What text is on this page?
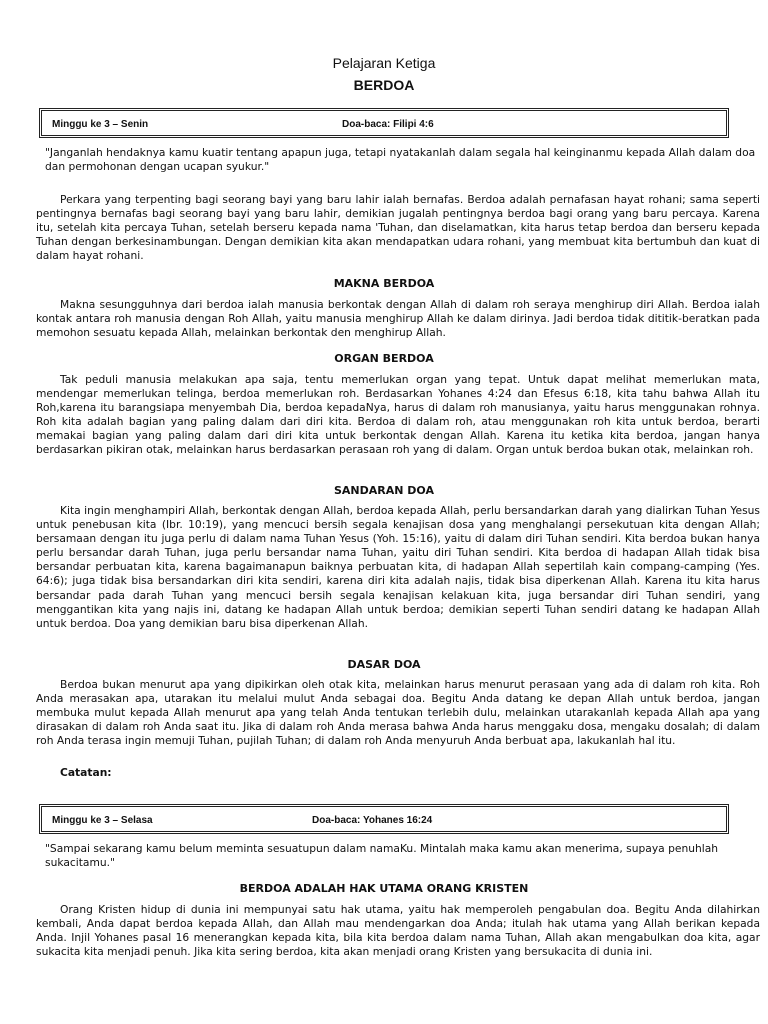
Pelajaran Ketiga
BERDOA
Minggu ke 3 – Senin	Doa-baca: Filipi 4:6

"Janganlah hendaknya kamu kuatir tentang apapun juga, tetapi nyatakanlah dalam segala hal keinginanmu kepada Allah dalam doa dan permohonan dengan ucapan syukur."

Perkara yang terpenting bagi seorang bayi yang baru lahir ialah bernafas. Berdoa adalah pernafasan hayat rohani; sama seperti pentingnya bernafas bagi seorang bayi yang baru lahir, demikian jugalah pentingnya berdoa bagi orang yang baru percaya. Karena itu, setelah kita percaya Tuhan, setelah berseru kepada nama 'Tuhan, dan diselamatkan, kita harus tetap berdoa dan berseru kepada Tuhan dengan berkesinambungan. Dengan demikian kita akan mendapatkan udara rohani, yang membuat kita bertumbuh dan kuat di dalam hayat rohani.

MAKNA BERDOA

Makna sesungguhnya dari berdoa ialah manusia berkontak dengan Allah di dalam roh seraya menghirup diri Allah. Berdoa ialah kontak antara roh manusia dengan Roh Allah, yaitu manusia menghirup Allah ke dalam dirinya. Jadi berdoa tidak dititik-beratkan pada memohon sesuatu kepada Allah, melainkan berkontak den menghirup Allah.

ORGAN BERDOA

Tak peduli manusia melakukan apa saja, tentu memerlukan organ yang tepat. Untuk dapat melihat memerlukan mata, mendengar memerlukan telinga, berdoa memerlukan roh. Berdasarkan Yohanes 4:24 dan Efesus 6:18, kita tahu bahwa Allah itu Roh,karena itu barangsiapa menyembah Dia, berdoa kepadaNya, harus di dalam roh manusianya, yaitu harus menggunakan rohnya. Roh kita adalah bagian yang paling dalam dari diri kita. Berdoa di dalam roh, atau menggunakan roh kita untuk berdoa, berarti memakai bagian yang paling dalam dari diri kita untuk berkontak dengan Allah. Karena itu ketika kita berdoa, jangan hanya berdasarkan pikiran otak, melainkan harus berdasarkan perasaan roh yang di dalam. Organ untuk berdoa bukan otak, melainkan roh.

SANDARAN DOA

Kita ingin menghampiri Allah, berkontak dengan Allah, berdoa kepada Allah, perlu bersandarkan darah yang dialirkan Tuhan Yesus untuk penebusan kita (Ibr. 10:19), yang mencuci bersih segala kenajisan dosa yang menghalangi persekutuan kita dengan Allah; bersamaan dengan itu juga perlu di dalam nama Tuhan Yesus (Yoh. 15:16), yaitu di dalam diri Tuhan sendiri. Kita berdoa bukan hanya perlu bersandar darah Tuhan, juga perlu bersandar nama Tuhan, yaitu diri Tuhan sendiri. Kita berdoa di hadapan Allah tidak bisa bersandar perbuatan kita, karena bagaimanapun baiknya perbuatan kita, di hadapan Allah sepertilah kain compang-camping (Yes. 64:6); juga tidak bisa bersandarkan diri kita sendiri, karena diri kita adalah najis, tidak bisa diperkenan Allah. Karena itu kita harus bersandar pada darah Tuhan yang mencuci bersih segala kenajisan kelakuan kita, juga bersandar diri Tuhan sendiri, yang menggantikan kita yang najis ini, datang ke hadapan Allah untuk berdoa; demikian seperti Tuhan sendiri datang ke hadapan Allah untuk berdoa. Doa yang demikian baru bisa diperkenan Allah.

DASAR DOA

Berdoa bukan menurut apa yang dipikirkan oleh otak kita, melainkan harus menurut perasaan yang ada di dalam roh kita. Roh Anda merasakan apa, utarakan itu melalui mulut Anda sebagai doa. Begitu Anda datang ke depan Allah untuk berdoa, jangan membuka mulut kepada Allah menurut apa yang telah Anda tentukan terlebih dulu, melainkan utarakanlah kepada Allah apa yang dirasakan di dalam roh Anda saat itu. Jika di dalam roh Anda merasa bahwa Anda harus menggaku dosa, mengaku dosalah; di dalam roh Anda terasa ingin memuji Tuhan, pujilah Tuhan; di dalam roh Anda menyuruh Anda berbuat apa, lakukanlah hal itu.

Catatan:
Minggu ke 3 – Selasa	Doa-baca: Yohanes 16:24

"Sampai sekarang kamu belum meminta sesuatupun dalam namaKu. Mintalah maka kamu akan menerima, supaya penuhlah sukacitamu."

BERDOA ADALAH HAK UTAMA ORANG KRISTEN

Orang Kristen hidup di dunia ini mempunyai satu hak utama, yaitu hak memperoleh pengabulan doa. Begitu Anda dilahirkan kembali, Anda dapat berdoa kepada Allah, dan Allah mau mendengarkan doa Anda; itulah hak utama yang Allah berikan kepada Anda. Injil Yohanes pasal 16 menerangkan kepada kita, bila kita berdoa dalam nama Tuhan, Allah akan mengabulkan doa kita, agar sukacita kita menjadi penuh. Jika kita sering berdoa, kita akan menjadi orang Kristen yang bersukacita di dunia ini.
